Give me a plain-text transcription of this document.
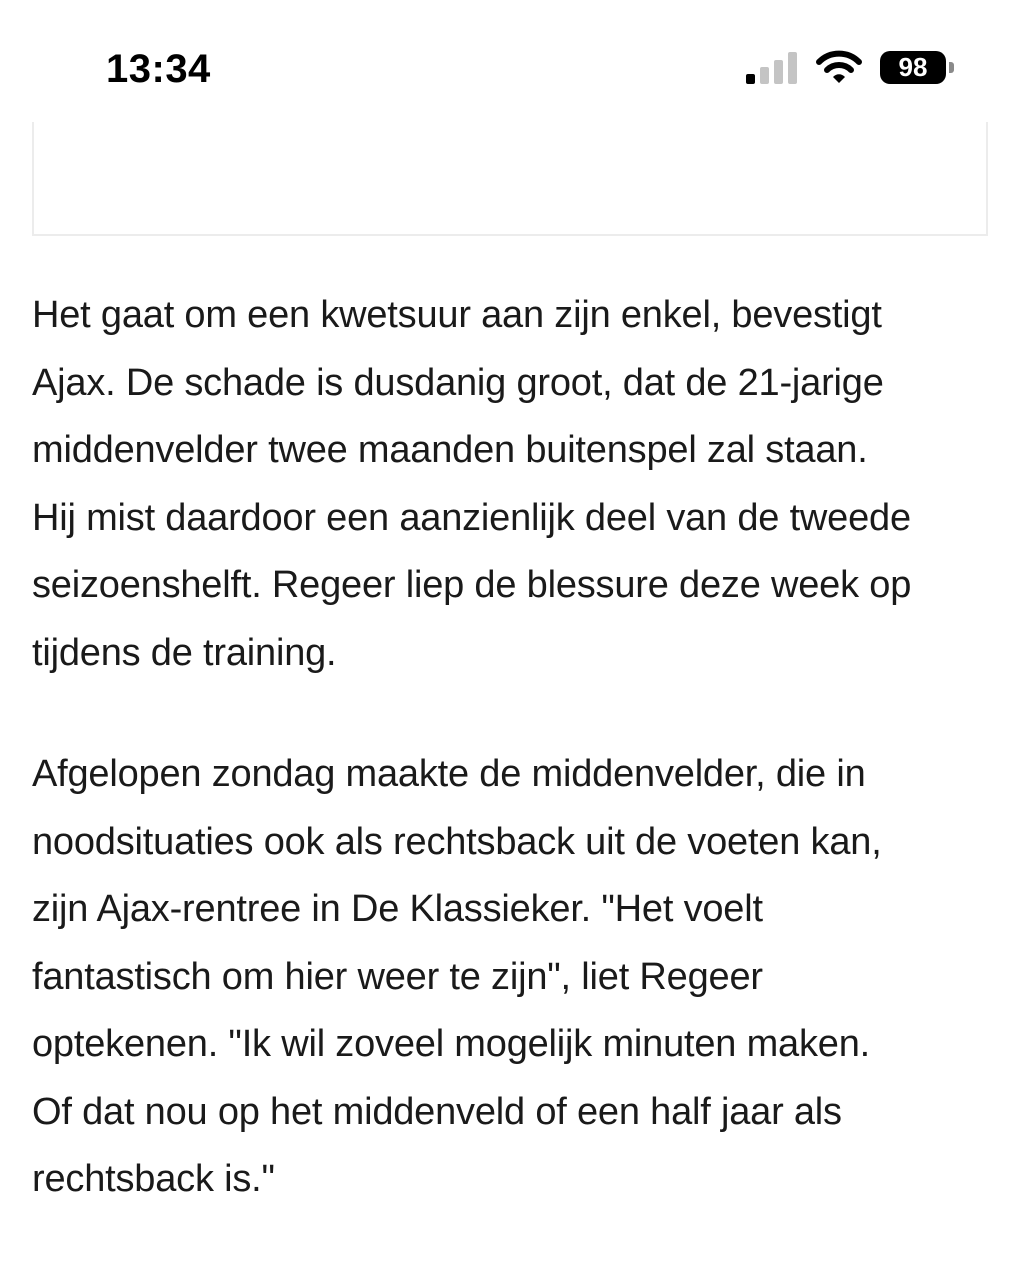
13:34	98

Het gaat om een kwetsuur aan zijn enkel, bevestigt
Ajax. De schade is dusdanig groot, dat de 21-jarige
middenvelder twee maanden buitenspel zal staan.
Hij mist daardoor een aanzienlijk deel van de tweede
seizoenshelft. Regeer liep de blessure deze week op
tijdens de training.

Afgelopen zondag maakte de middenvelder, die in
noodsituaties ook als rechtsback uit de voeten kan,
zijn Ajax-rentree in De Klassieker. "Het voelt
fantastisch om hier weer te zijn", liet Regeer
optekenen. "Ik wil zoveel mogelijk minuten maken.
Of dat nou op het middenveld of een half jaar als
rechtsback is."
